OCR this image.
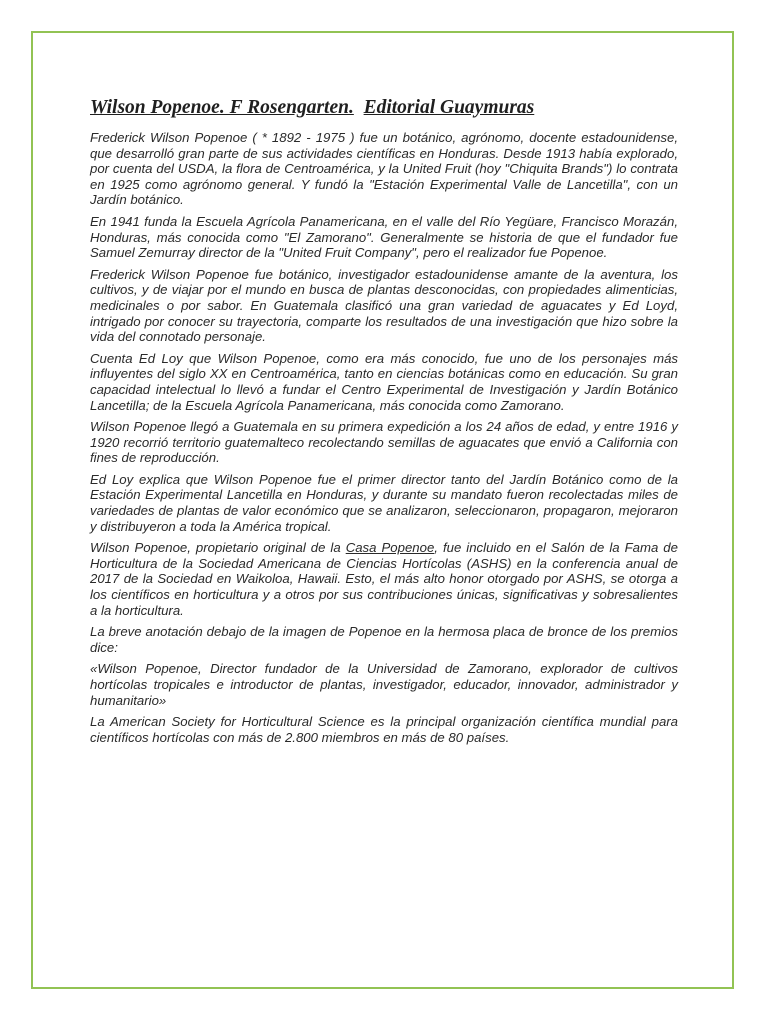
Wilson Popenoe. F Rosengarten. Editorial Guaymuras

Frederick Wilson Popenoe ( * 1892 - 1975 ) fue un botánico, agrónomo, docente estadounidense, que desarrolló gran parte de sus actividades científicas en Honduras. Desde 1913 había explorado, por cuenta del USDA, la flora de Centroamérica, y la United Fruit (hoy "Chiquita Brands") lo contrata en 1925 como agrónomo general. Y fundó la "Estación Experimental Valle de Lancetilla", con un Jardín botánico.

En 1941 funda la Escuela Agrícola Panamericana, en el valle del Río Yegüare, Francisco Morazán, Honduras, más conocida como "El Zamorano". Generalmente se historia de que el fundador fue Samuel Zemurray director de la "United Fruit Company", pero el realizador fue Popenoe.

Frederick Wilson Popenoe fue botánico, investigador estadounidense amante de la aventura, los cultivos, y de viajar por el mundo en busca de plantas desconocidas, con propiedades alimenticias, medicinales o por sabor. En Guatemala clasificó una gran variedad de aguacates y Ed Loyd, intrigado por conocer su trayectoria, comparte los resultados de una investigación que hizo sobre la vida del connotado personaje.

Cuenta Ed Loy que Wilson Popenoe, como era más conocido, fue uno de los personajes más influyentes del siglo XX en Centroamérica, tanto en ciencias botánicas como en educación. Su gran capacidad intelectual lo llevó a fundar el Centro Experimental de Investigación y Jardín Botánico Lancetilla; de la Escuela Agrícola Panamericana, más conocida como Zamorano.

Wilson Popenoe llegó a Guatemala en su primera expedición a los 24 años de edad, y entre 1916 y 1920 recorrió territorio guatemalteco recolectando semillas de aguacates que envió a California con fines de reproducción.

Ed Loy explica que Wilson Popenoe fue el primer director tanto del Jardín Botánico como de la Estación Experimental Lancetilla en Honduras, y durante su mandato fueron recolectadas miles de variedades de plantas de valor económico que se analizaron, seleccionaron, propagaron, mejoraron y distribuyeron a toda la América tropical.

Wilson Popenoe, propietario original de la Casa Popenoe, fue incluido en el Salón de la Fama de Horticultura de la Sociedad Americana de Ciencias Hortícolas (ASHS) en la conferencia anual de 2017 de la Sociedad en Waikoloa, Hawaii. Esto, el más alto honor otorgado por ASHS, se otorga a los científicos en horticultura y a otros por sus contribuciones únicas, significativas y sobresalientes a la horticultura.

La breve anotación debajo de la imagen de Popenoe en la hermosa placa de bronce de los premios dice:

«Wilson Popenoe, Director fundador de la Universidad de Zamorano, explorador de cultivos hortícolas tropicales e introductor de plantas, investigador, educador, innovador, administrador y humanitario»

La American Society for Horticultural Science es la principal organización científica mundial para científicos hortícolas con más de 2.800 miembros en más de 80 países.
